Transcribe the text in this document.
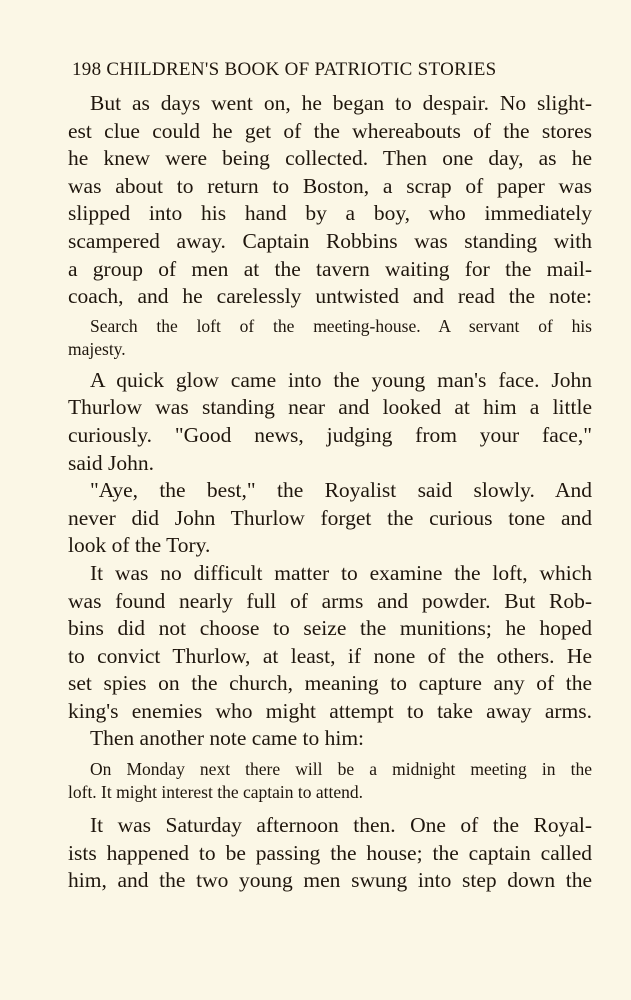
198 CHILDREN'S BOOK OF PATRIOTIC STORIES
But as days went on, he began to despair. No slight-
est clue could he get of the whereabouts of the stores
he knew were being collected. Then one day, as he
was about to return to Boston, a scrap of paper was
slipped into his hand by a boy, who immediately
scampered away. Captain Robbins was standing with
a group of men at the tavern waiting for the mail-
coach, and he carelessly untwisted and read the note:
Search the loft of the meeting-house. A servant of his
majesty.
A quick glow came into the young man's face. John
Thurlow was standing near and looked at him a little
curiously. "Good news, judging from your face,"
said John.
"Aye, the best," the Royalist said slowly. And
never did John Thurlow forget the curious tone and
look of the Tory.
It was no difficult matter to examine the loft, which
was found nearly full of arms and powder. But Rob-
bins did not choose to seize the munitions; he hoped
to convict Thurlow, at least, if none of the others. He
set spies on the church, meaning to capture any of the
king's enemies who might attempt to take away arms.
Then another note came to him:
On Monday next there will be a midnight meeting in the
loft. It might interest the captain to attend.
It was Saturday afternoon then. One of the Royal-
ists happened to be passing the house; the captain called
him, and the two young men swung into step down the
